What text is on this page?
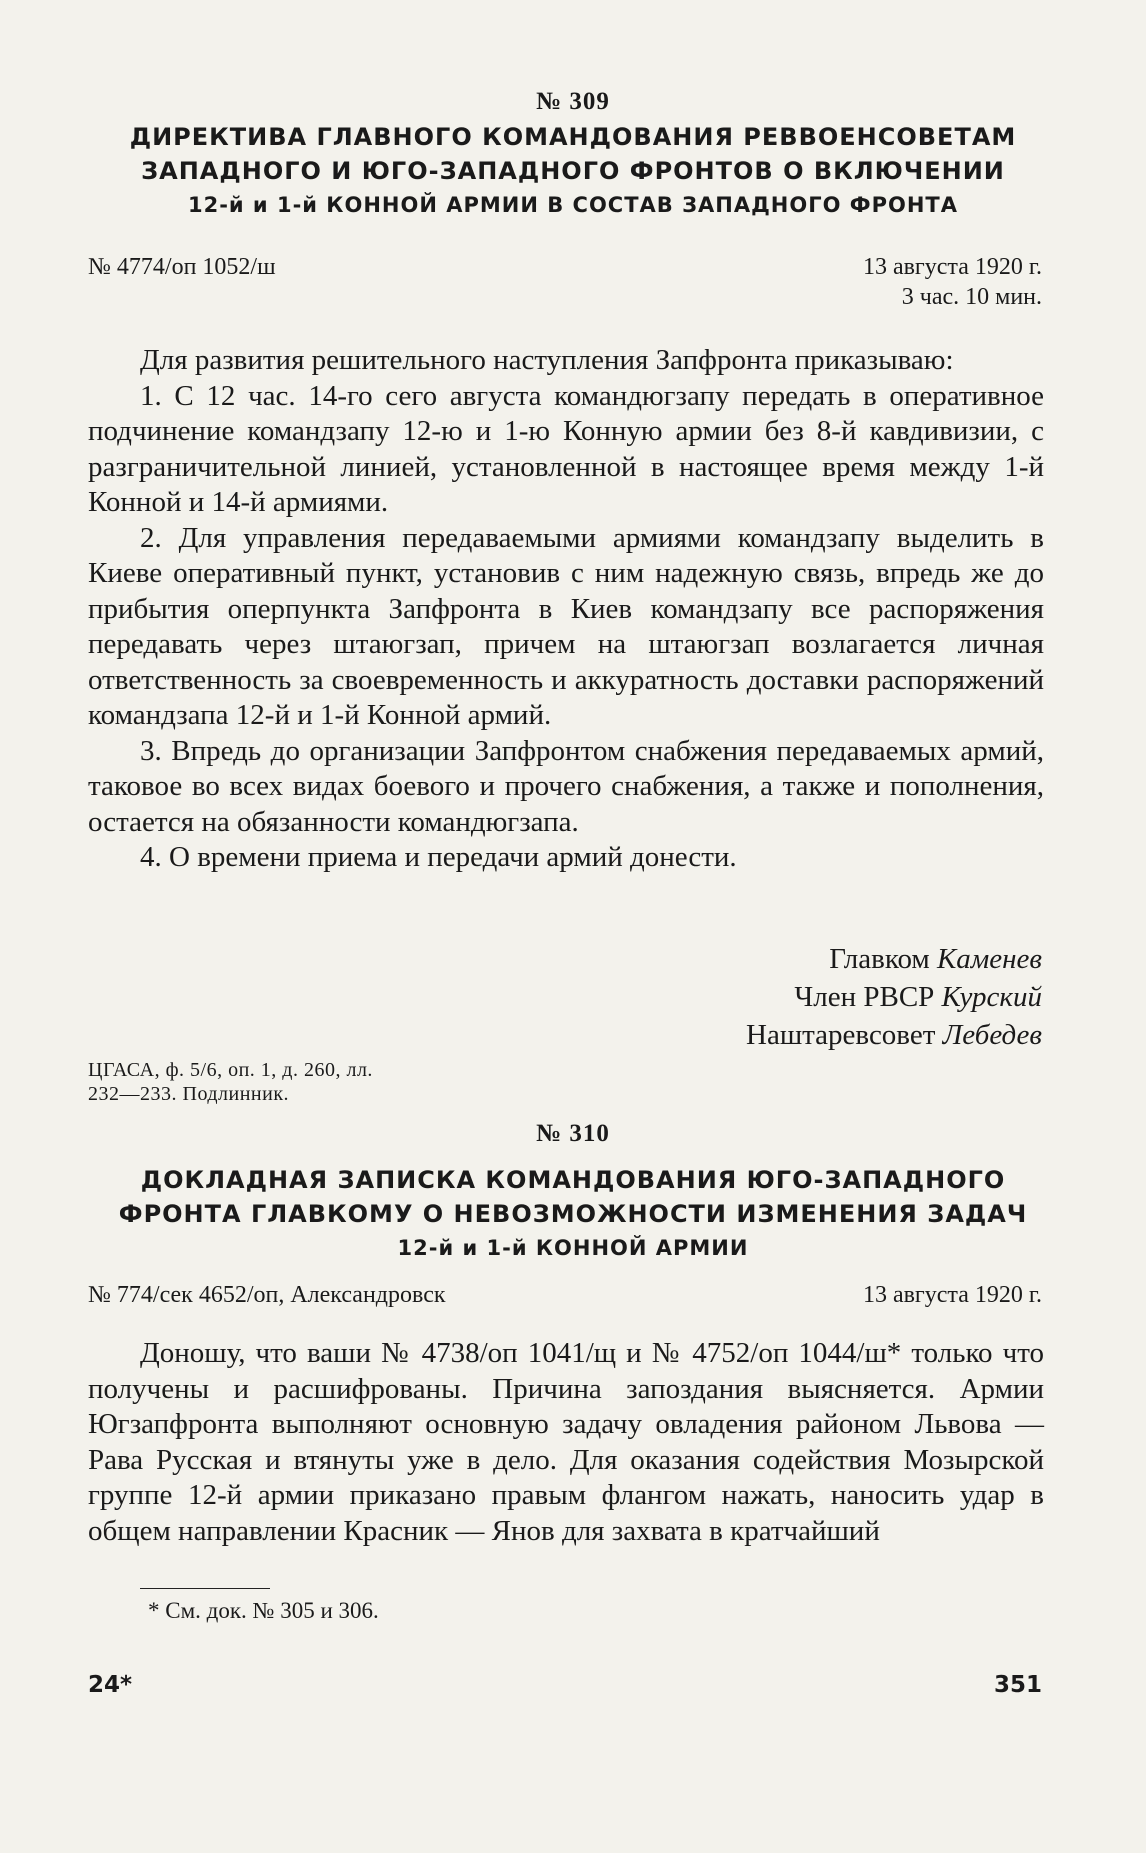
№ 309
ДИРЕКТИВА ГЛАВНОГО КОМАНДОВАНИЯ РЕВВОЕНСОВЕТАМ
ЗАПАДНОГО И ЮГО-ЗАПАДНОГО ФРОНТОВ О ВКЛЮЧЕНИИ
12-й и 1-й КОННОЙ АРМИИ В СОСТАВ ЗАПАДНОГО ФРОНТА
№ 4774/оп 1052/ш	13 августа 1920 г.
3 час. 10 мин.

Для развития решительного наступления Запфронта приказываю:

1. С 12 час. 14-го сего августа командюгзапу передать в оперативное подчинение командзапу 12-ю и 1-ю Конную армии без 8-й кавдивизии, с разграничительной линией, установленной в настоящее время между 1-й Конной и 14-й армиями.

2. Для управления передаваемыми армиями командзапу выделить в Киеве оперативный пункт, установив с ним надежную связь, впредь же до прибытия оперпункта Запфронта в Киев командзапу все распоряжения передавать через штаюгзап, причем на штаюгзап возлагается личная ответственность за своевременность и аккуратность доставки распоряжений командзапа 12-й и 1-й Конной армий.

3. Впредь до организации Запфронтом снабжения передаваемых армий, таковое во всех видах боевого и прочего снабжения, а также и пополнения, остается на обязанности командюгзапа.

4. О времени приема и передачи армий донести.

Главком Каменев
Член РВСР Курский
Наштаревсовет Лебедев
ЦГАСА, ф. 5/6, оп. 1, д. 260, лл.
232—233. Подлинник.
№ 310
ДОКЛАДНАЯ ЗАПИСКА КОМАНДОВАНИЯ ЮГО-ЗАПАДНОГО
ФРОНТА ГЛАВКОМУ О НЕВОЗМОЖНОСТИ ИЗМЕНЕНИЯ ЗАДАЧ
12-й и 1-й КОННОЙ АРМИИ
№ 774/сек 4652/оп, Александровск	13 августа 1920 г.

Доношу, что ваши № 4738/оп 1041/щ и № 4752/оп 1044/ш* только что получены и расшифрованы. Причина запоздания выясняется. Армии Югзапфронта выполняют основную задачу овладения районом Львова — Рава Русская и втянуты уже в дело. Для оказания содействия Мозырской группе 12-й армии приказано правым флангом нажать, наносить удар в общем направлении Красник — Янов для захвата в кратчайший

* См. док. № 305 и 306.
24*	351
